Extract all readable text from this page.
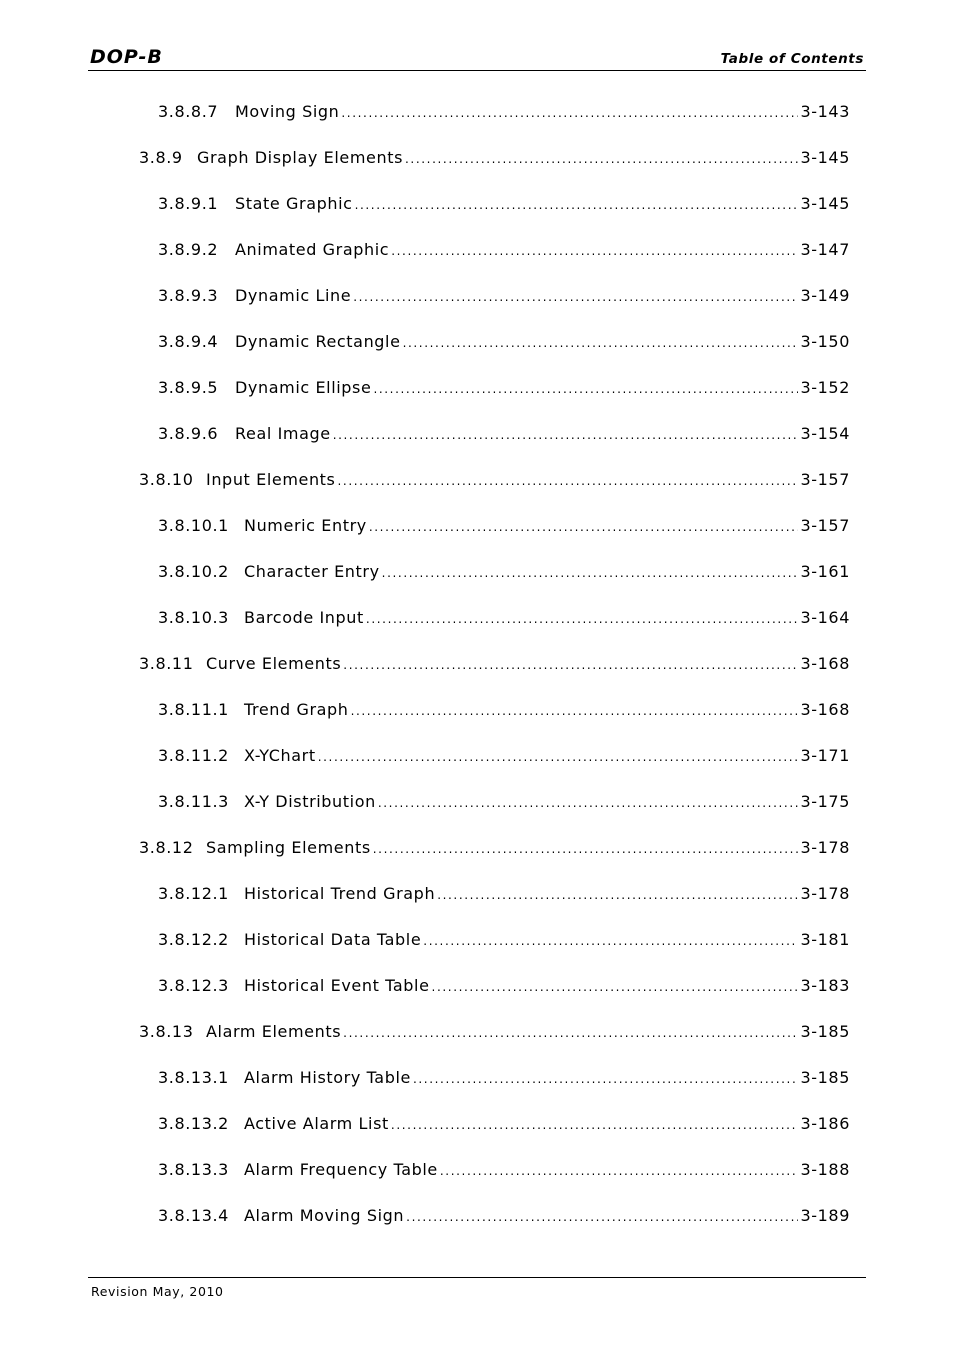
DOP-B	Table of Contents
3.8.8.7	Moving Sign .....	3-143
3.8.9 Graph Display Elements .....	3-145
3.8.9.1	State Graphic .....	3-145
3.8.9.2	Animated Graphic .....	3-147
3.8.9.3	Dynamic Line .....	3-149
3.8.9.4	Dynamic Rectangle .....	3-150
3.8.9.5	Dynamic Ellipse .....	3-152
3.8.9.6	Real Image .....	3-154
3.8.10 Input Elements .....	3-157
3.8.10.1 Numeric Entry .....	3-157
3.8.10.2 Character Entry .....	3-161
3.8.10.3 Barcode Input .....	3-164
3.8.11 Curve Elements .....	3-168
3.8.11.1 Trend Graph .....	3-168
3.8.11.2 X-YChart .....	3-171
3.8.11.3 X-Y Distribution .....	3-175
3.8.12 Sampling Elements .....	3-178
3.8.12.1 Historical Trend Graph .....	3-178
3.8.12.2 Historical Data Table .....	3-181
3.8.12.3 Historical Event Table .....	3-183
3.8.13 Alarm Elements .....	3-185
3.8.13.1 Alarm History Table .....	3-185
3.8.13.2 Active Alarm List .....	3-186
3.8.13.3 Alarm Frequency Table .....	3-188
3.8.13.4 Alarm Moving Sign .....	3-189
Revision May, 2010
